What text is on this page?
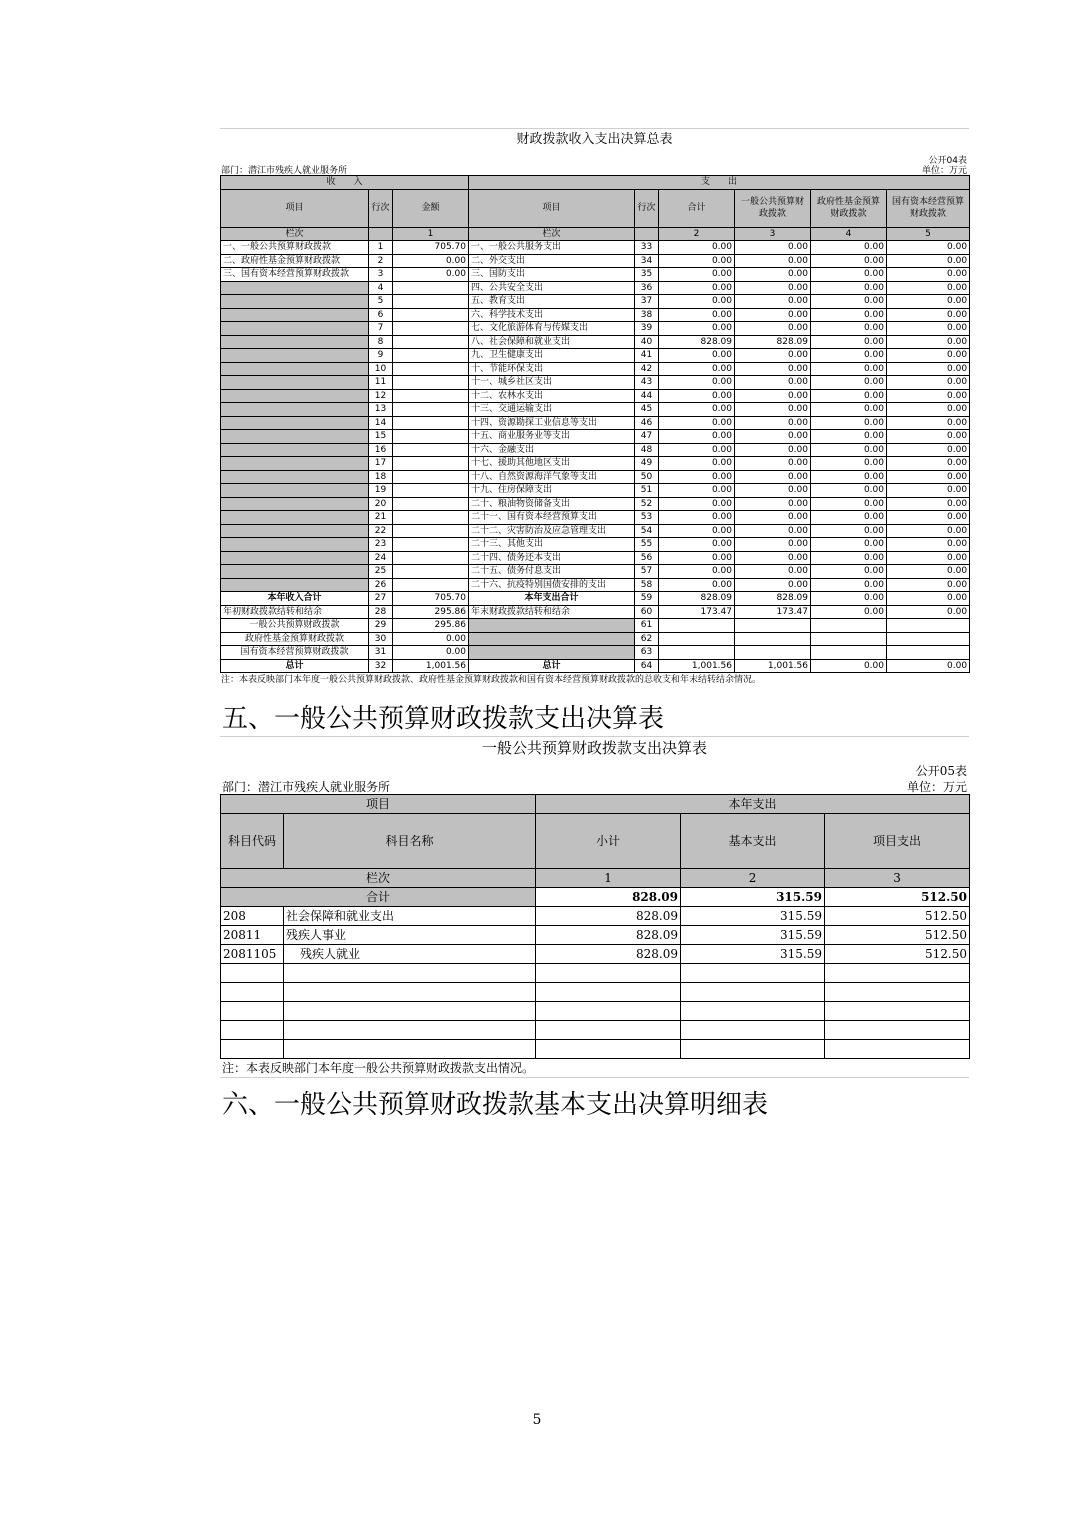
财政拨款收入支出决算总表
公开04表
部门：潜江市残疾人就业服务所	单位：万元
收　　入			支　　出					
项目	行次	金额	项目	行次	合计	一般公共预算财政拨款	政府性基金预算财政拨款	国有资本经营预算财政拨款
栏次		1	栏次		2	3	4	5
一、一般公共预算财政拨款	1	705.70	一、一般公共服务支出	33	0.00	0.00	0.00	0.00
二、政府性基金预算财政拨款	2	0.00	二、外交支出	34	0.00	0.00	0.00	0.00
三、国有资本经营预算财政拨款	3	0.00	三、国防支出	35	0.00	0.00	0.00	0.00
	4		四、公共安全支出	36	0.00	0.00	0.00	0.00
	5		五、教育支出	37	0.00	0.00	0.00	0.00
	6		六、科学技术支出	38	0.00	0.00	0.00	0.00
	7		七、文化旅游体育与传媒支出	39	0.00	0.00	0.00	0.00
	8		八、社会保障和就业支出	40	828.09	828.09	0.00	0.00
	9		九、卫生健康支出	41	0.00	0.00	0.00	0.00
	10		十、节能环保支出	42	0.00	0.00	0.00	0.00
	11		十一、城乡社区支出	43	0.00	0.00	0.00	0.00
	12		十二、农林水支出	44	0.00	0.00	0.00	0.00
	13		十三、交通运输支出	45	0.00	0.00	0.00	0.00
	14		十四、资源勘探工业信息等支出	46	0.00	0.00	0.00	0.00
	15		十五、商业服务业等支出	47	0.00	0.00	0.00	0.00
	16		十六、金融支出	48	0.00	0.00	0.00	0.00
	17		十七、援助其他地区支出	49	0.00	0.00	0.00	0.00
	18		十八、自然资源海洋气象等支出	50	0.00	0.00	0.00	0.00
	19		十九、住房保障支出	51	0.00	0.00	0.00	0.00
	20		二十、粮油物资储备支出	52	0.00	0.00	0.00	0.00
	21		二十一、国有资本经营预算支出	53	0.00	0.00	0.00	0.00
	22		二十二、灾害防治及应急管理支出	54	0.00	0.00	0.00	0.00
	23		二十三、其他支出	55	0.00	0.00	0.00	0.00
	24		二十四、债务还本支出	56	0.00	0.00	0.00	0.00
	25		二十五、债务付息支出	57	0.00	0.00	0.00	0.00
	26		二十六、抗疫特别国债安排的支出	58	0.00	0.00	0.00	0.00
本年收入合计	27	705.70	本年支出合计	59	828.09	828.09	0.00	0.00
年初财政拨款结转和结余	28	295.86	年末财政拨款结转和结余	60	173.47	173.47	0.00	0.00
一般公共预算财政拨款	29	295.86		61				
政府性基金预算财政拨款	30	0.00		62				
国有资本经营预算财政拨款	31	0.00		63				
总计	32	1,001.56	总计	64	1,001.56	1,001.56	0.00	0.00
注：本表反映部门本年度一般公共预算财政拨款、政府性基金预算财政拨款和国有资本经营预算财政拨款的总收支和年末结转结余情况。
五、一般公共预算财政拨款支出决算表
一般公共预算财政拨款支出决算表
公开05表
部门：潜江市残疾人就业服务所	单位：万元
项目		本年支出		
科目代码	科目名称	小计	基本支出	项目支出
栏次		1	2	3
合计		828.09	315.59	512.50
208	社会保障和就业支出	828.09	315.59	512.50
20811	残疾人事业	828.09	315.59	512.50
2081105	残疾人就业	828.09	315.59	512.50

注：本表反映部门本年度一般公共预算财政拨款支出情况。
六、一般公共预算财政拨款基本支出决算明细表
5
